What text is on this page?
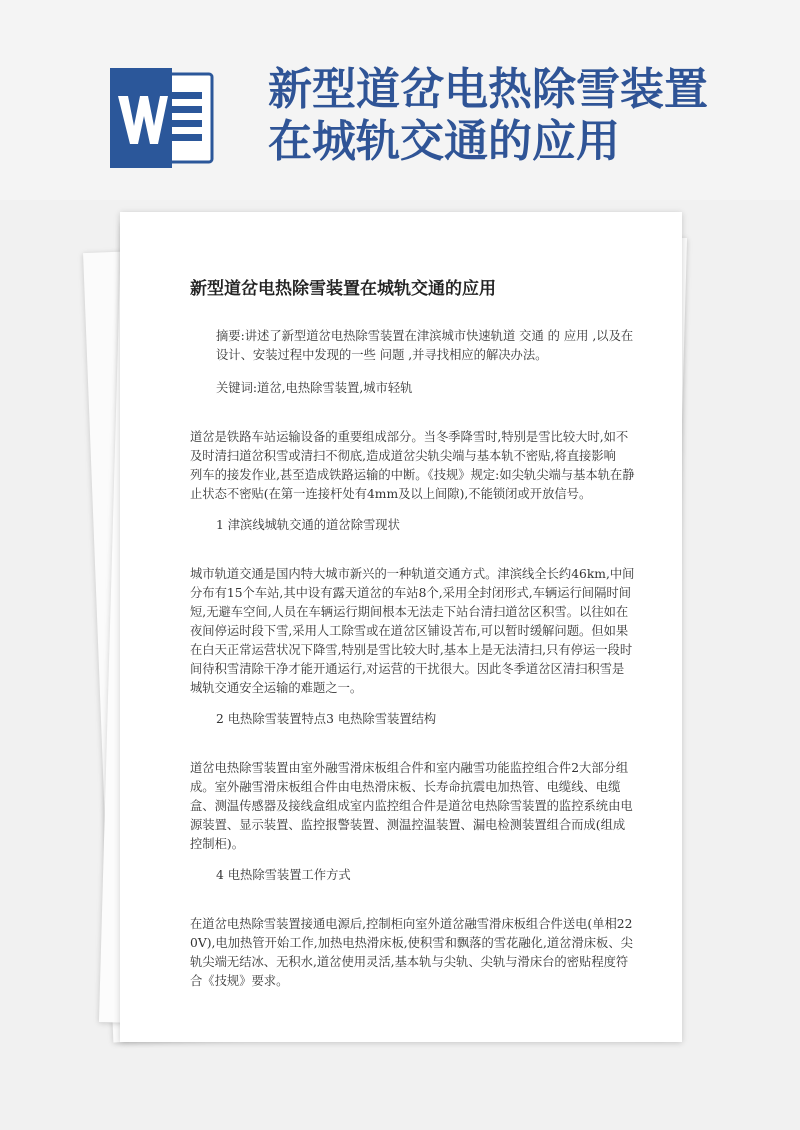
新型道岔电热除雪装置
在城轨交通的应用
新型道岔电热除雪装置在城轨交通的应用

摘要:讲述了新型道岔电热除雪装置在津滨城市快速轨道 交通 的 应用 ,以及在设计、安装过程中发现的一些 问题 ,并寻找相应的解决办法。

关键词:道岔,电热除雪装置,城市轻轨

道岔是铁路车站运输设备的重要组成部分。当冬季降雪时,特别是雪比较大时,如不及时清扫道岔积雪或清扫不彻底,造成道岔尖轨尖端与基本轨不密贴,将直接影响

列车的接发作业,甚至造成铁路运输的中断。《技规》规定:如尖轨尖端与基本轨在静止状态不密贴(在第一连接杆处有4mm及以上间隙),不能锁闭或开放信号。

1 津滨线城轨交通的道岔除雪现状

城市轨道交通是国内特大城市新兴的一种轨道交通方式。津滨线全长约46km,中间分布有15个车站,其中设有露天道岔的车站8个,采用全封闭形式,车辆运行间隔时间短,无避车空间,人员在车辆运行期间根本无法走下站台清扫道岔区积雪。以往如在夜间停运时段下雪,采用人工除雪或在道岔区铺设苫布,可以暂时缓解问题。但如果在白天正常运营状况下降雪,特别是雪比较大时,基本上是无法清扫,只有停运一段时间待积雪清除干净才能开通运行,对运营的干扰很大。因此冬季道岔区清扫积雪是城轨交通安全运输的难题之一。

2 电热除雪装置特点3 电热除雪装置结构

道岔电热除雪装置由室外融雪滑床板组合件和室内融雪功能监控组合件2大部分组成。室外融雪滑床板组合件由电热滑床板、长寿命抗震电加热管、电缆线、电缆盒、测温传感器及接线盒组成室内监控组合件是道岔电热除雪装置的监控系统由电源装置、显示装置、监控报警装置、测温控温装置、漏电检测装置组合而成(组成控制柜)。

4 电热除雪装置工作方式

在道岔电热除雪装置接通电源后,控制柜向室外道岔融雪滑床板组合件送电(单相220V),电加热管开始工作,加热电热滑床板,使积雪和飘落的雪花融化,道岔滑床板、尖轨尖端无结冰、无积水,道岔使用灵活,基本轨与尖轨、尖轨与滑床台的密贴程度符合《技规》要求。
